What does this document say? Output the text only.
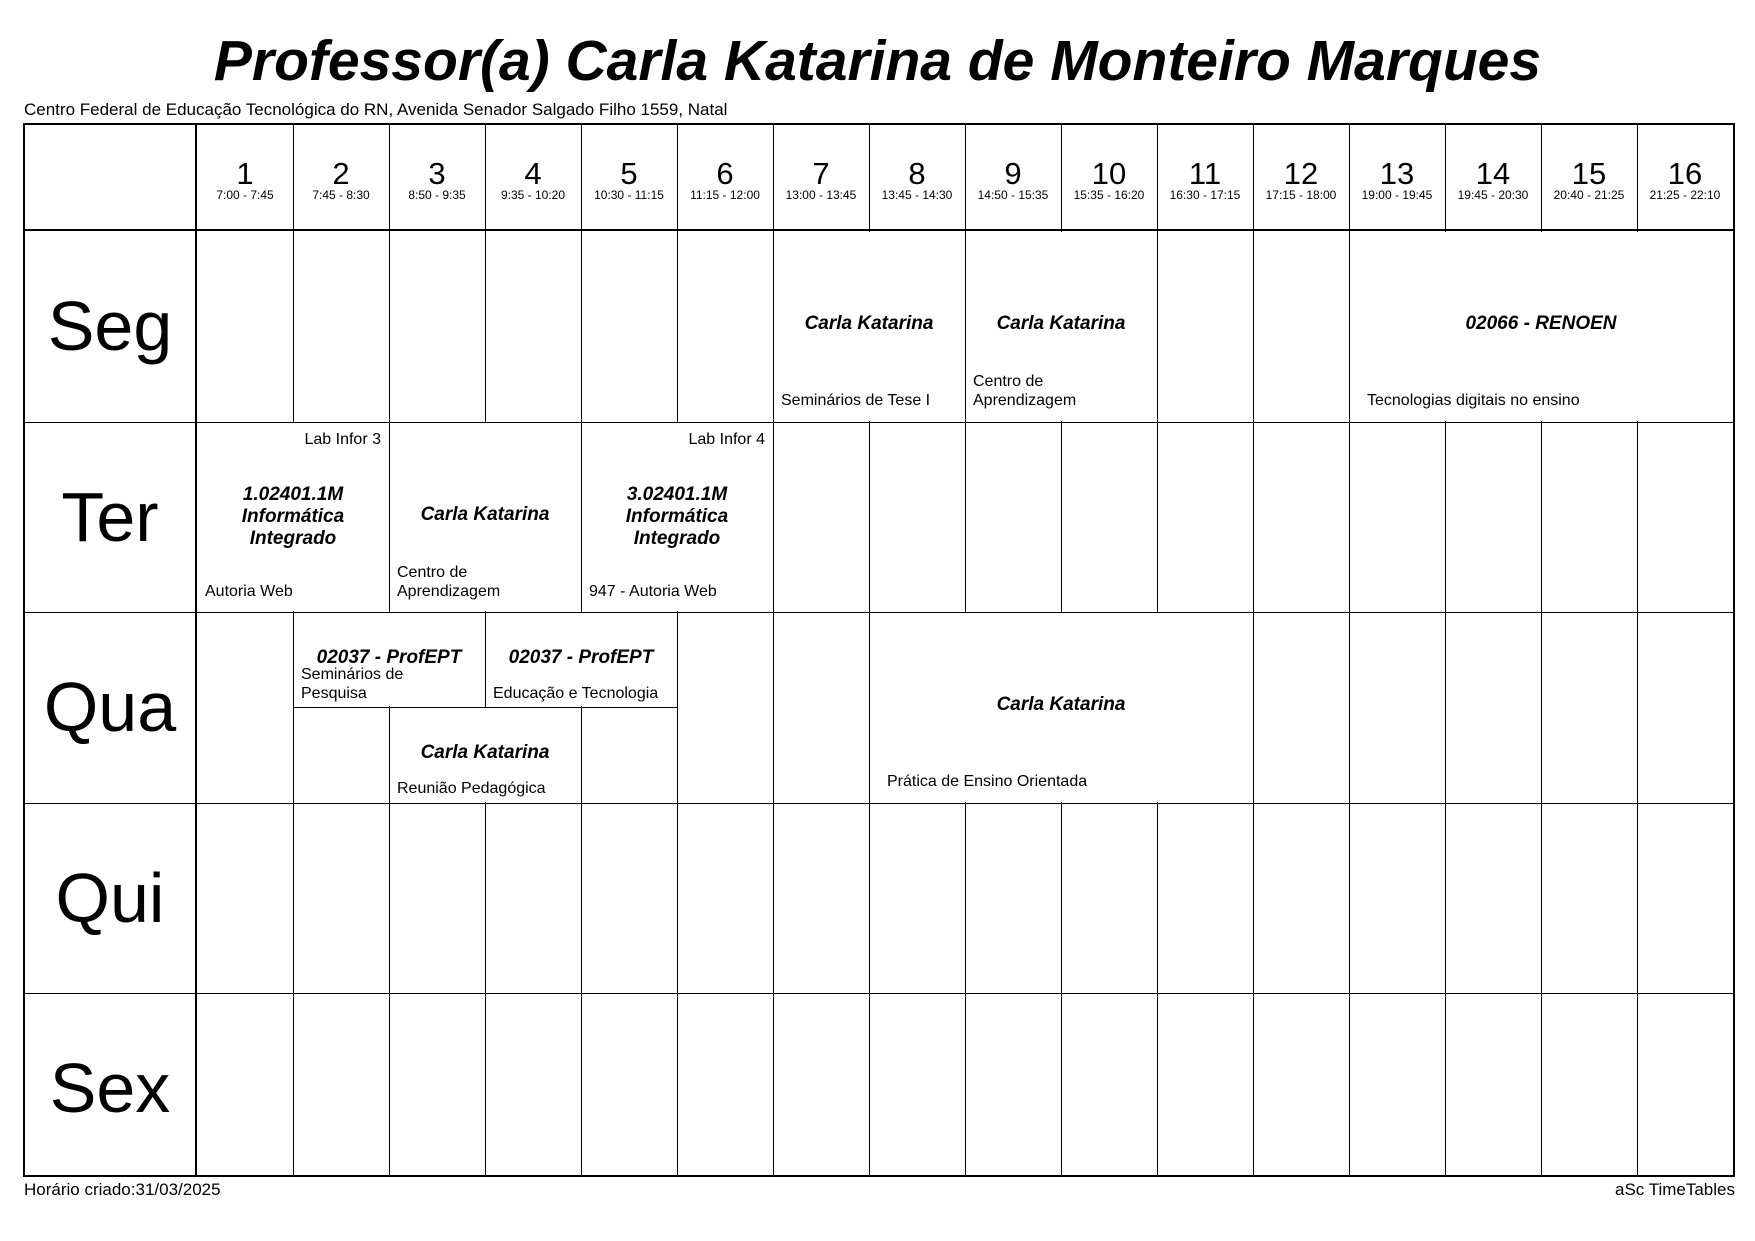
Professor(a) Carla Katarina de Monteiro Marques
Centro Federal de Educação Tecnológica do RN, Avenida Senador Salgado Filho 1559, Natal
1
7:00 - 7:45
2
7:45 - 8:30
3
8:50 - 9:35
4
9:35 - 10:20
5
10:30 - 11:15
6
11:15 - 12:00
7
13:00 - 13:45
8
13:45 - 14:30
9
14:50 - 15:35
10
15:35 - 16:20
11
16:30 - 17:15
12
17:15 - 18:00
13
19:00 - 19:45
14
19:45 - 20:30
15
20:40 - 21:25
16
21:25 - 22:10
Seg
Ter
Qua
Qui
Sex
Carla Katarina
Seminários de Tese I
Carla Katarina
Centro de Aprendizagem
02066 - RENOEN
Tecnologias digitais no ensino
Lab Infor 3
1.02401.1M
Informática
Integrado
Autoria Web
Carla Katarina
Centro de Aprendizagem
Lab Infor 4
3.02401.1M
Informática
Integrado
947 - Autoria Web
02037 - ProfEPT
Seminários de Pesquisa
02037 - ProfEPT
Educação e Tecnologia
Carla Katarina
Reunião Pedagógica
Carla Katarina
Prática de Ensino Orientada
Horário criado:31/03/2025	aSc TimeTables
